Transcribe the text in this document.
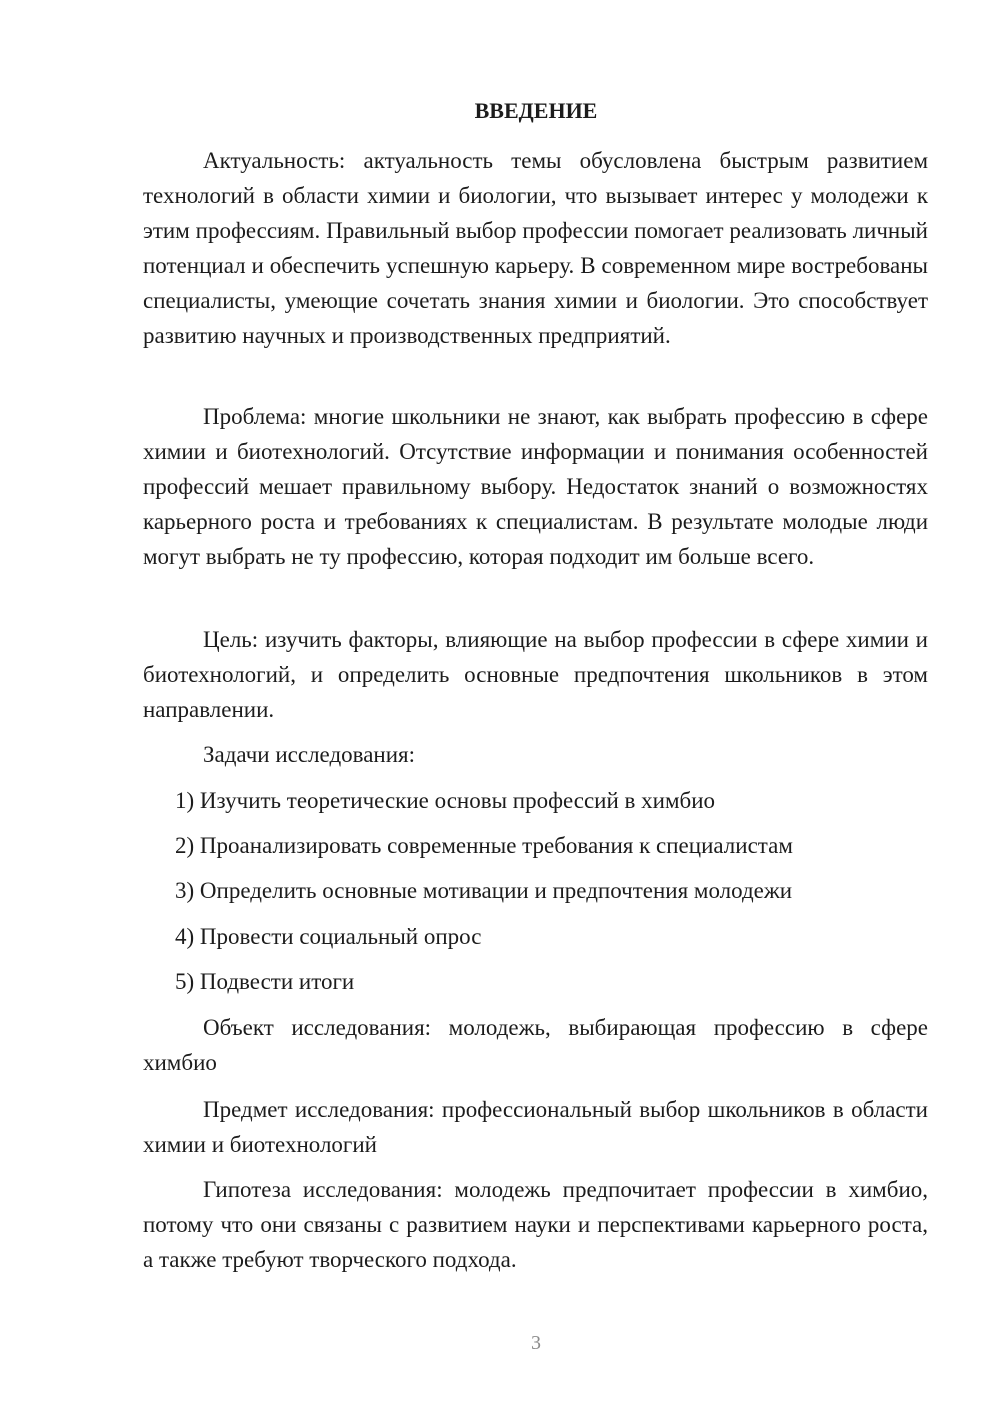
ВВЕДЕНИЕ

Актуальность: актуальность темы обусловлена быстрым развитием технологий в области химии и биологии, что вызывает интерес у молодежи к этим профессиям. Правильный выбор профессии помогает реализовать личный потенциал и обеспечить успешную карьеру. В современном мире востребованы специалисты, умеющие сочетать знания химии и биологии. Это способствует развитию научных и производственных предприятий.

Проблема: многие школьники не знают, как выбрать профессию в сфере химии и биотехнологий. Отсутствие информации и понимания особенностей профессий мешает правильному выбору. Недостаток знаний о возможностях карьерного роста и требованиях к специалистам. В результате молодые люди могут выбрать не ту профессию, которая подходит им больше всего.

Цель: изучить факторы, влияющие на выбор профессии в сфере химии и биотехнологий, и определить основные предпочтения школьников в этом направлении.

Задачи исследования:
1) Изучить теоретические основы профессий в химбио
2) Проанализировать современные требования к специалистам
3) Определить основные мотивации и предпочтения молодежи
4) Провести социальный опрос
5) Подвести итоги

Объект исследования: молодежь, выбирающая профессию в сфере химбио

Предмет исследования: профессиональный выбор школьников в области химии и биотехнологий

Гипотеза исследования: молодежь предпочитает профессии в химбио, потому что они связаны с развитием науки и перспективами карьерного роста, а также требуют творческого подхода.

3
